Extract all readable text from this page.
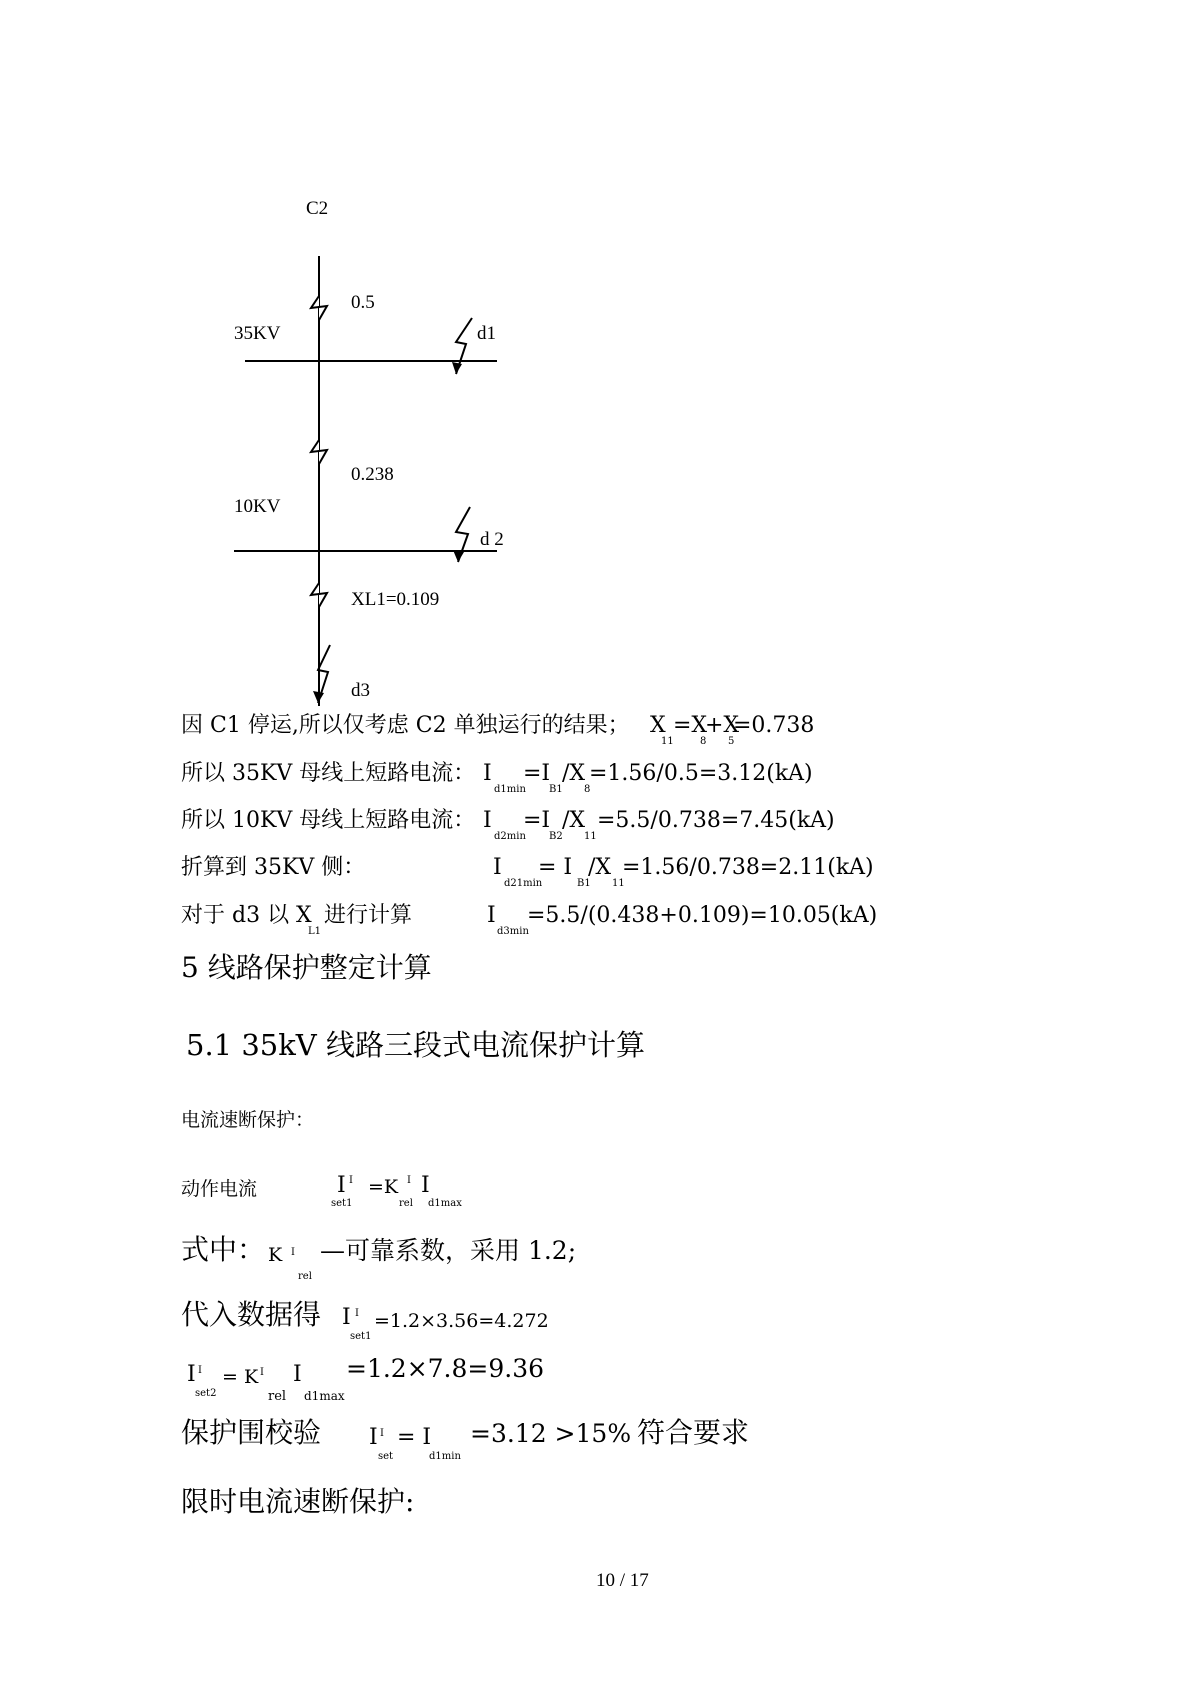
C2
0.5
35KV	d1
0.238
10KV
d 2
XL1=0.109
d3
因 C1 停运,所以仅考虑 C2 单独运行的结果； X
11
=X
8
+X
5
=0.738
所以 35KV 母线上短路电流： I
d1min
=I
B1
/X
8
=1.56/0.5=3.12(kA)
所以 10KV 母线上短路电流： I
d2min
=I
B2
/X
11
=5.5/0.738=7.45(kA)
折算到 35KV 侧：	I
d21min
= I
B1
/X
11
=1.56/0.738=2.11(kA)
对于 d3 以 X
L1
进行计算	I
d3min
=5.5/(0.438+0.109)=10.05(kA)
5 线路保护整定计算
5.1 35kV 线路三段式电流保护计算
电流速断保护：
动作电流	I I
set1
=K I
rel
I
d1max
式中： K I
rel
—可靠系数，采用 1.2;
代入数据得 I I
set1
=1.2×3.56=4.272
I I
set2
= K I
rel
I
d1max
=1.2×7.8=9.36
保护围校验 I I
set
= I
d1min
=3.12 >15% 符合要求
限时电流速断保护:
10 / 17
